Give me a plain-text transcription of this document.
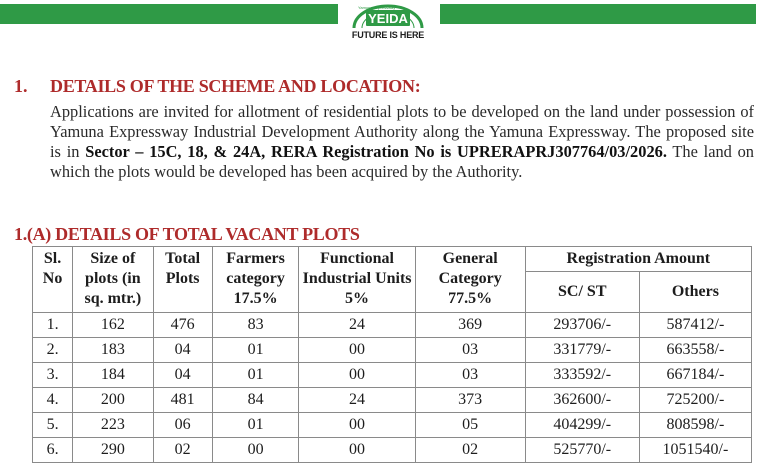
YEIDA
Yamuna Expressway
FUTURE IS HERE
1. DETAILS OF THE SCHEME AND LOCATION:
Applications are invited for allotment of residential plots to be developed on the land under possession of Yamuna Expressway Industrial Development Authority along the Yamuna Expressway. The proposed site is in Sector – 15C, 18, & 24A, RERA Registration No is UPRERAPRJ307764/03/2026. The land on which the plots would be developed has been acquired by the Authority.
1.(A) DETAILS OF TOTAL VACANT PLOTS
Sl. No	Size of plots (in sq. mtr.)	Total Plots	Farmers category 17.5%	Functional Industrial Units 5%	General Category 77.5%	Registration Amount	
						SC/ ST	Others
1.	162	476	83	24	369	293706/-	587412/-
2.	183	04	01	00	03	331779/-	663558/-
3.	184	04	01	00	03	333592/-	667184/-
4.	200	481	84	24	373	362600/-	725200/-
5.	223	06	01	00	05	404299/-	808598/-
6.	290	02	00	00	02	525770/-	1051540/-
